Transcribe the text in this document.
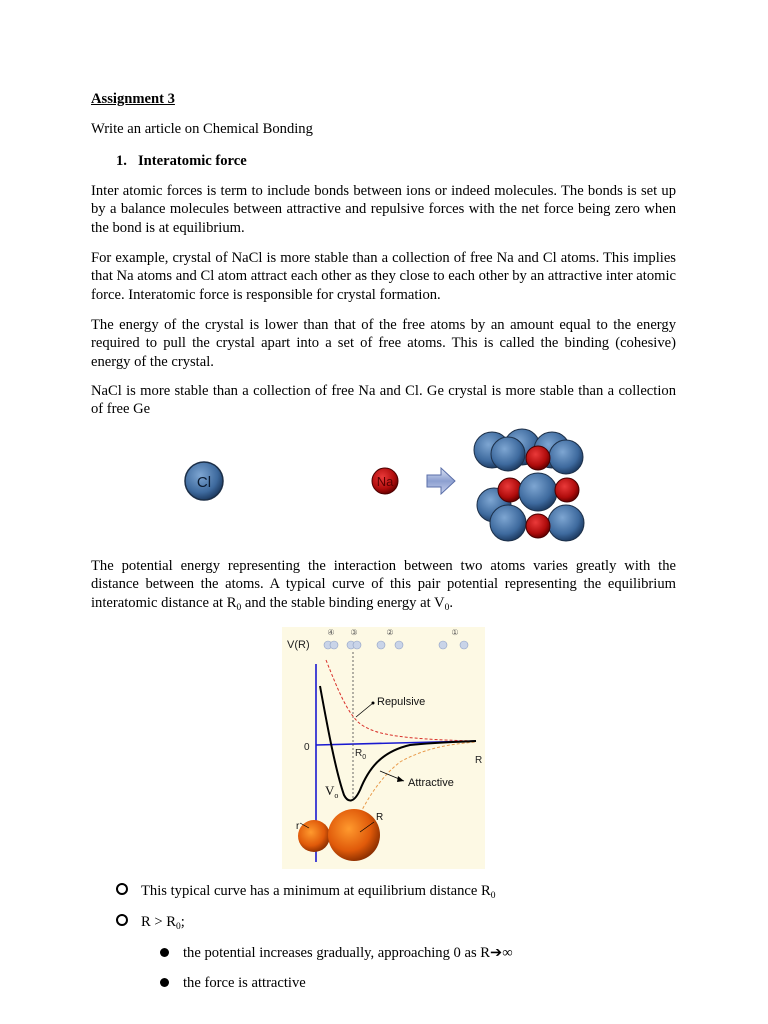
Assignment 3
Write an article on Chemical Bonding
1. Interatomic force
Inter atomic forces is term to include bonds between ions or indeed molecules. The bonds is set up by a balance molecules between attractive and repulsive forces with the net force being zero when the bond is at equilibrium.
For example, crystal of NaCl is more stable than a collection of free Na and Cl atoms. This implies that Na atoms and Cl atom attract each other as they close to each other by an attractive inter atomic force. Interatomic force is responsible for crystal formation.
The energy of the crystal is lower than that of the free atoms by an amount equal to the energy required to pull the crystal apart into a set of free atoms. This is called the binding (cohesive) energy of the crystal.
NaCl is more stable than a collection of free Na and Cl. Ge crystal is more stable than a collection of free Ge
Cl	Na
The potential energy representing the interaction between two atoms varies greatly with the distance between the atoms. A typical curve of this pair potential representing the equilibrium interatomic distance at $R_0$ and the stable binding energy at $V_0$.
④ ③	②	①
V(R)
0
R
$R_0$
Repulsive
Attractive
$V_o$
r
R
This typical curve has a minimum at equilibrium distance $R_0$
$R > R_0$;
the potential increases gradually, approaching 0 as R➔∞
the force is attractive
